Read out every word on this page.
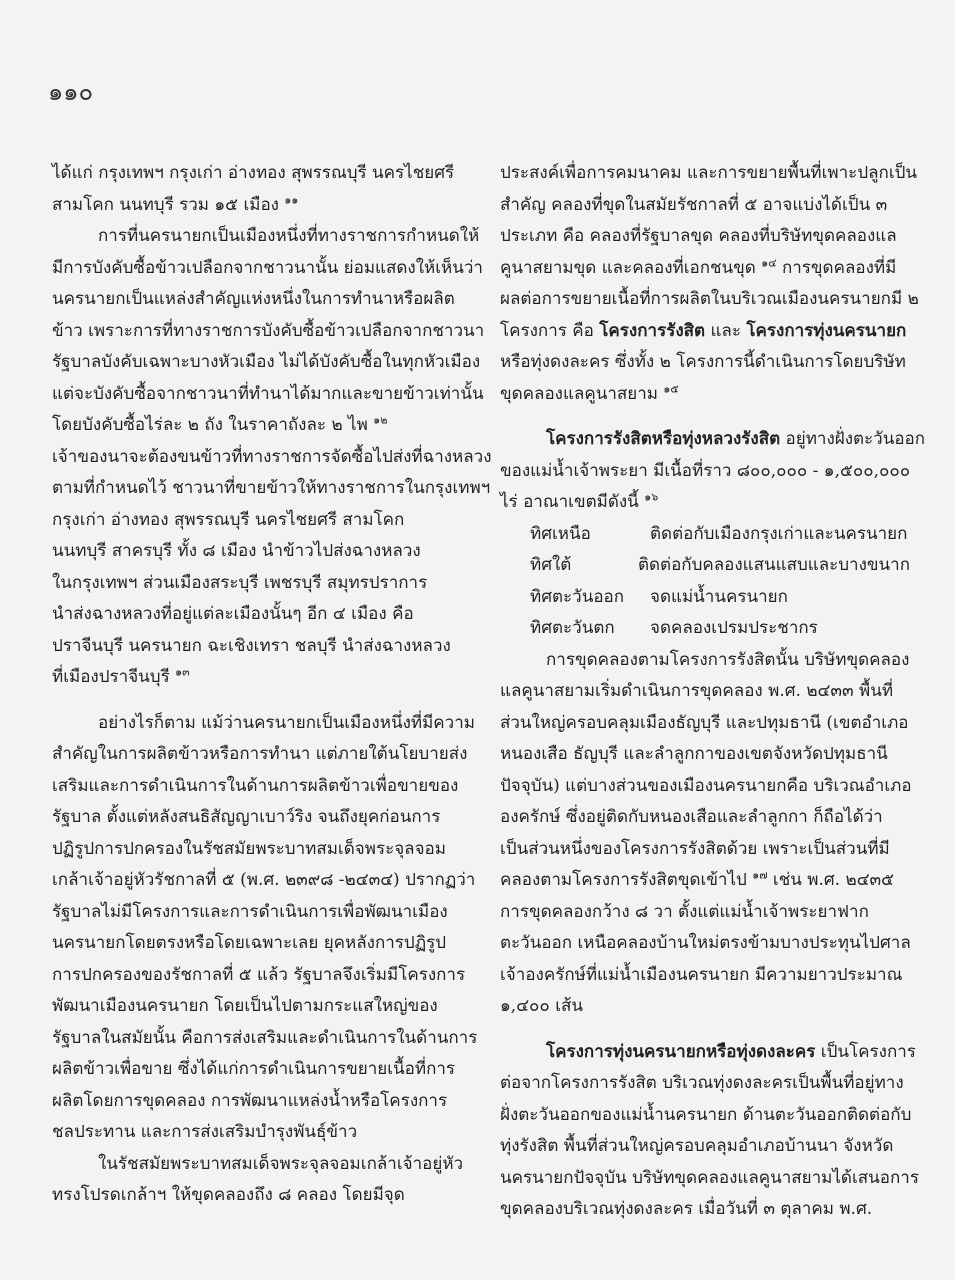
๑๑๐
ได้แก่ กรุงเทพฯ กรุงเก่า อ่างทอง สุพรรณบุรี นครไชยศรี
สามโคก นนทบุรี รวม ๑๕ เมือง $^{๑๑}$
การที่นครนายกเป็นเมืองหนึ่งที่ทางราชการกำหนดให้
มีการบังคับซื้อข้าวเปลือกจากชาวนานั้น ย่อมแสดงให้เห็นว่า
นครนายกเป็นแหล่งสำคัญแห่งหนึ่งในการทำนาหรือผลิต
ข้าว เพราะการที่ทางราชการบังคับซื้อข้าวเปลือกจากชาวนา
รัฐบาลบังคับเฉพาะบางหัวเมือง ไม่ได้บังคับซื้อในทุกหัวเมือง
แต่จะบังคับซื้อจากชาวนาที่ทำนาได้มากและขายข้าวเท่านั้น
โดยบังคับซื้อไร่ละ ๒ ถัง ในราคาถังละ ๒ ไพ $^{๑๒}$
เจ้าของนาจะต้องขนข้าวที่ทางราชการจัดซื้อไปส่งที่ฉางหลวง
ตามที่กำหนดไว้ ชาวนาที่ขายข้าวให้ทางราชการในกรุงเทพฯ
กรุงเก่า อ่างทอง สุพรรณบุรี นครไชยศรี สามโคก
นนทบุรี สาครบุรี ทั้ง ๘ เมือง นำข้าวไปส่งฉางหลวง
ในกรุงเทพฯ ส่วนเมืองสระบุรี เพชรบุรี สมุทรปราการ
นำส่งฉางหลวงที่อยู่แต่ละเมืองนั้นๆ อีก ๔ เมือง คือ
ปราจีนบุรี นครนายก ฉะเชิงเทรา ชลบุรี นำส่งฉางหลวง
ที่เมืองปราจีนบุรี $^{๑๓}$
อย่างไรก็ตาม แม้ว่านครนายกเป็นเมืองหนึ่งที่มีความ
สำคัญในการผลิตข้าวหรือการทำนา แต่ภายใต้นโยบายส่ง
เสริมและการดำเนินการในด้านการผลิตข้าวเพื่อขายของ
รัฐบาล ตั้งแต่หลังสนธิสัญญาเบาว์ริง จนถึงยุคก่อนการ
ปฏิรูปการปกครองในรัชสมัยพระบาทสมเด็จพระจุลจอม
เกล้าเจ้าอยู่หัวรัชกาลที่ ๕ (พ.ศ. ๒๓๙๘ -๒๔๓๔) ปรากฏว่า
รัฐบาลไม่มีโครงการและการดำเนินการเพื่อพัฒนาเมือง
นครนายกโดยตรงหรือโดยเฉพาะเลย ยุคหลังการปฏิรูป
การปกครองของรัชกาลที่ ๕ แล้ว รัฐบาลจึงเริ่มมีโครงการ
พัฒนาเมืองนครนายก โดยเป็นไปตามกระแสใหญ่ของ
รัฐบาลในสมัยนั้น คือการส่งเสริมและดำเนินการในด้านการ
ผลิตข้าวเพื่อขาย ซึ่งได้แก่การดำเนินการขยายเนื้อที่การ
ผลิตโดยการขุดคลอง การพัฒนาแหล่งน้ำหรือโครงการ
ชลประทาน และการส่งเสริมบำรุงพันธุ์ข้าว
ในรัชสมัยพระบาทสมเด็จพระจุลจอมเกล้าเจ้าอยู่หัว
ทรงโปรดเกล้าฯ ให้ขุดคลองถึง ๘ คลอง โดยมีจุด
ประสงค์เพื่อการคมนาคม และการขยายพื้นที่เพาะปลูกเป็น
สำคัญ คลองที่ขุดในสมัยรัชกาลที่ ๕ อาจแบ่งได้เป็น ๓
ประเภท คือ คลองที่รัฐบาลขุด คลองที่บริษัทขุดคลองแล
คูนาสยามขุด และคลองที่เอกชนขุด $^{๑๔}$ การขุดคลองที่มี
ผลต่อการขยายเนื้อที่การผลิตในบริเวณเมืองนครนายกมี ๒
โครงการ คือ โครงการรังสิต และ โครงการทุ่งนครนายก
หรือทุ่งดงละคร ซึ่งทั้ง ๒ โครงการนี้ดำเนินการโดยบริษัท
ขุดคลองแลคูนาสยาม $^{๑๕}$
โครงการรังสิตหรือทุ่งหลวงรังสิต อยู่ทางฝั่งตะวันออก
ของแม่น้ำเจ้าพระยา มีเนื้อที่ราว ๘๐๐,๐๐๐ - ๑,๕๐๐,๐๐๐
ไร่ อาณาเขตมีดังนี้ $^{๑๖}$
ทิศเหนือ	ติดต่อกับเมืองกรุงเก่าและนครนายก
ทิศใต้	ติดต่อกับคลองแสนแสบและบางขนาก
ทิศตะวันออก	จดแม่น้ำนครนายก
ทิศตะวันตก	จดคลองเปรมประชากร
การขุดคลองตามโครงการรังสิตนั้น บริษัทขุดคลอง
แลคูนาสยามเริ่มดำเนินการขุดคลอง พ.ศ. ๒๔๓๓ พื้นที่
ส่วนใหญ่ครอบคลุมเมืองธัญบุรี และปทุมธานี (เขตอำเภอ
หนองเสือ ธัญบุรี และลำลูกกาของเขตจังหวัดปทุมธานี
ปัจจุบัน) แต่บางส่วนของเมืองนครนายกคือ บริเวณอำเภอ
องครักษ์ ซึ่งอยู่ติดกับหนองเสือและลำลูกกา ก็ถือได้ว่า
เป็นส่วนหนึ่งของโครงการรังสิตด้วย เพราะเป็นส่วนที่มี
คลองตามโครงการรังสิตขุดเข้าไป $^{๑๗}$ เช่น พ.ศ. ๒๔๓๕
การขุดคลองกว้าง ๘ วา ตั้งแต่แม่น้ำเจ้าพระยาฟาก
ตะวันออก เหนือคลองบ้านใหม่ตรงข้ามบางประทุนไปศาล
เจ้าองครักษ์ที่แม่น้ำเมืองนครนายก มีความยาวประมาณ
๑,๔๐๐ เส้น
โครงการทุ่งนครนายกหรือทุ่งดงละคร เป็นโครงการ
ต่อจากโครงการรังสิต บริเวณทุ่งดงละครเป็นพื้นที่อยู่ทาง
ฝั่งตะวันออกของแม่น้ำนครนายก ด้านตะวันออกติดต่อกับ
ทุ่งรังสิต พื้นที่ส่วนใหญ่ครอบคลุมอำเภอบ้านนา จังหวัด
นครนายกปัจจุบัน บริษัทขุดคลองแลคูนาสยามได้เสนอการ
ขุดคลองบริเวณทุ่งดงละคร เมื่อวันที่ ๓ ตุลาคม พ.ศ.
